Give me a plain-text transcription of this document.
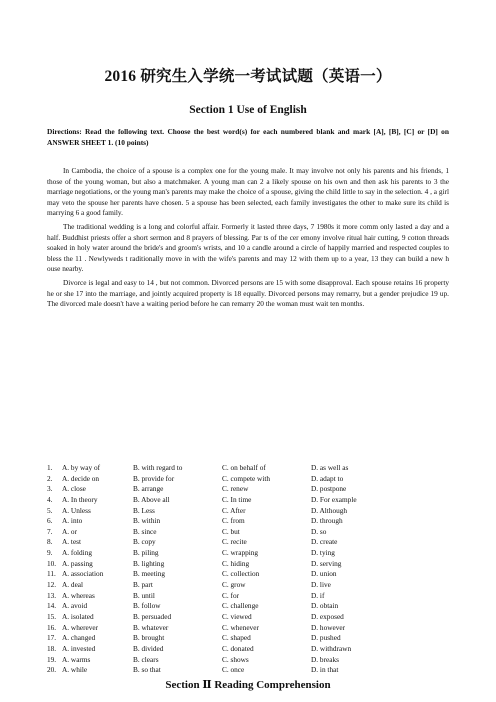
2016 研究生入学统一考试试题（英语一）
Section 1 Use of English
Directions: Read the following text. Choose the best word(s) for each numbered blank and mark [A], [B], [C] or [D] on ANSWER SHEET 1. (10 points)

In Cambodia, the choice of a spouse is a complex one for the young male. It may involve not only his parents and his friends, 1 those of the young woman, but also a matchmaker. A young man can 2 a likely spouse on his own and then ask his parents to 3 the marriage negotiations, or the young man's parents may make the choice of a spouse, giving the child little to say in the selection. 4 , a girl may veto the spouse her parents have chosen. 5 a spouse has been selected, each family investigates the other to make sure its child is marrying 6 a good family.

The traditional wedding is a long and colorful affair. Formerly it lasted three days, 7 1980s it more comm only lasted a day and a half. Buddhist priests offer a short sermon and 8 prayers of blessing. Par ts of the cer emony involve ritual hair cutting, 9 cotton threads soaked in holy water around the bride's and groom's wrists, and 10 a candle around a circle of happily married and respected couples to bless the 11 . Newlyweds t raditionally move in with the wife's parents and may 12 with them up to a year, 13 they can build a new h ouse nearby.

Divorce is legal and easy to 14 , but not common. Divorced persons are 15 with some disapproval. Each spouse retains 16 property he or she 17 into the marriage, and jointly acquired property is 18 equally. Divorced persons may remarry, but a gender prejudice 19 up. The divorced male doesn't have a waiting period before he can remarry 20 the woman must wait ten months.

1. A. by way of	B. with regard to	C. on behalf of	D. as well as
2. A. decide on	B. provide for	C. compete with	D. adapt to
3. A. close	B. arrange	C. renew	D. postpone
4. A. In theory	B. Above all	C. In time	D. For example
5. A. Unless	B. Less	C. After	D. Although
6. A. into	B. within	C. from	D. through
7. A. or	B. since	C. but	D. so
8. A. test	B. copy	C. recite	D. create
9. A. folding	B. piling	C. wrapping	D. tying
10. A. passing	B. lighting	C. hiding	D. serving
11. A. association	B. meeting	C. collection	D. union
12. A. deal	B. part	C. grow	D. live
13. A. whereas	B. until	C. for	D. if
14. A. avoid	B. follow	C. challenge	D. obtain
15. A. isolated	B. persuaded	C. viewed	D. exposed
16. A. wherever	B. whatever	C. whenever	D. however
17. A. changed	B. brought	C. shaped	D. pushed
18. A. invested	B. divided	C. donated	D. withdrawn
19. A. warms	B. clears	C. shows	D. breaks
20. A. while	B. so that	C. once	D. in that
Section Ⅱ Reading Comprehension
